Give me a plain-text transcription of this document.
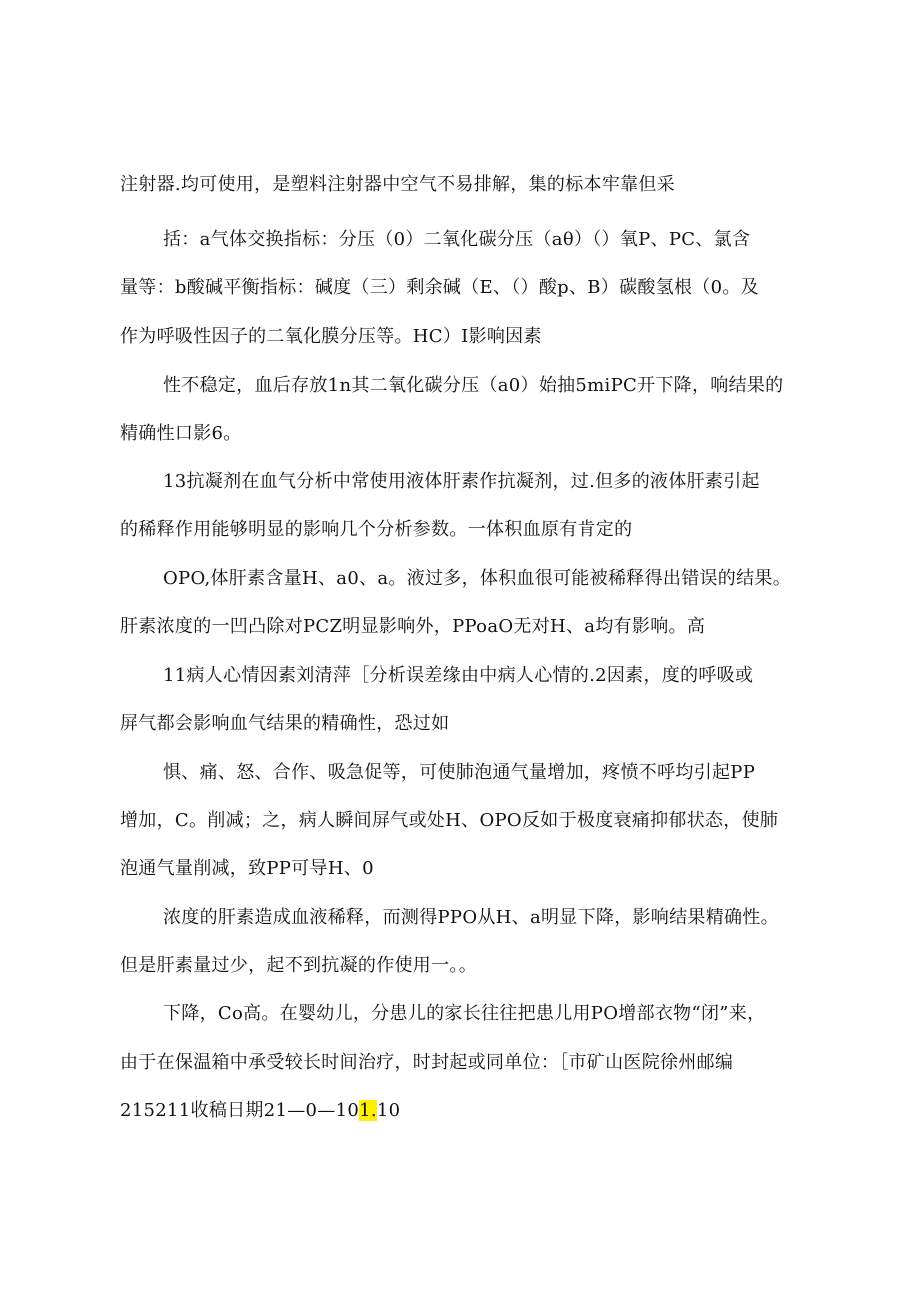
注射器.均可使用，是塑料注射器中空气不易排解，集的标本牢靠但采
括：a气体交换指标：分压（0）二氧化碳分压（aθ）（）氧P、PC、氯含
量等：b酸碱平衡指标：碱度（三）剩余碱（E、（）酸p、B）碳酸氢根（0。及
作为呼吸性因子的二氧化膜分压等。HC）I影响因素
性不稳定，血后存放1n其二氧化碳分压（a0）始抽5miPC开下降，响结果的
精确性口影6。
13抗凝剂在血气分析中常使用液体肝素作抗凝剂，过.但多的液体肝素引起
的稀释作用能够明显的影响几个分析参数。一体积血原有肯定的
OPO,体肝素含量H、a0、a。液过多，体积血很可能被稀释得出错误的结果。
肝素浓度的一凹凸除对PCZ明显影响外，PPoaO无对H、a均有影响。高
11病人心情因素刘清萍［分析误差缘由中病人心情的.2因素，度的呼吸或
屏气都会影响血气结果的精确性，恐过如
惧、痛、怒、合作、吸急促等，可使肺泡通气量增加，疼愤不呼均引起PP
增加，C。削减；之，病人瞬间屏气或处H、OPO反如于极度衰痛抑郁状态，使肺
泡通气量削减，致PP可导H、0
浓度的肝素造成血液稀释，而测得PPO从H、a明显下降，影响结果精确性。
但是肝素量过少，起不到抗凝的作使用一。。
下降，Co高。在婴幼儿，分患儿的家长往往把患儿用PO增部衣物“闭”来，
由于在保温箱中承受较长时间治疗，时封起或同单位：［市矿山医院徐州邮编
215211收稿日期21—0—101.10
